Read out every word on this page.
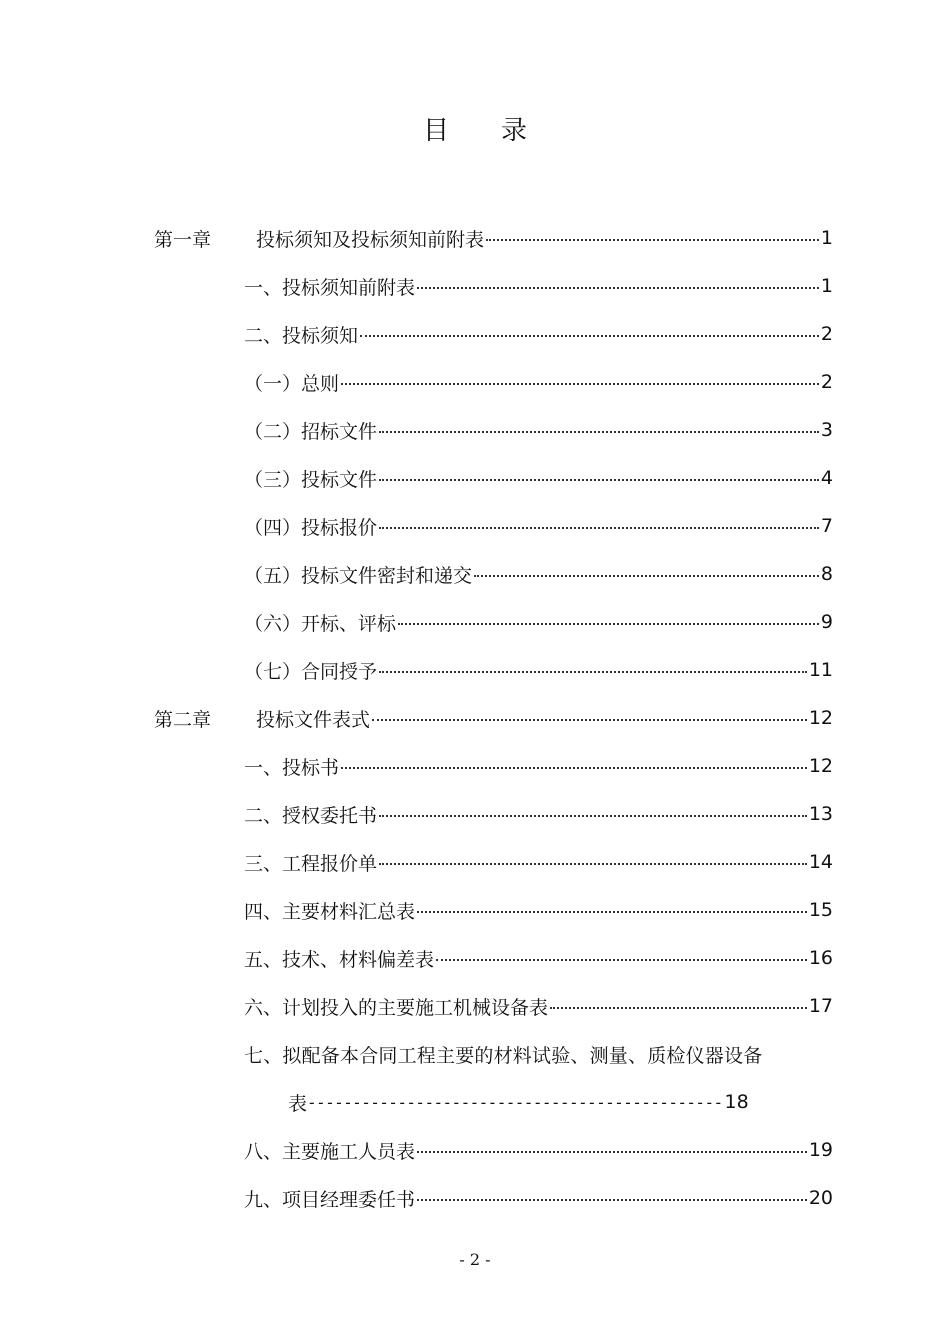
目录
第一章	投标须知及投标须知前附表	1
一、投标须知前附表	1
二、投标须知	2
（一）总则	2
（二）招标文件	3
（三）投标文件	4
（四）投标报价	7
（五）投标文件密封和递交	8
（六）开标、评标	9
（七）合同授予	11
第二章	投标文件表式	12
一、投标书	12
二、授权委托书	13
三、工程报价单	14
四、主要材料汇总表	15
五、技术、材料偏差表	16
六、计划投入的主要施工机械设备表	17
七、拟配备本合同工程主要的材料试验、测量、质检仪器设备
表 ---------------------------------------------- 18
八、主要施工人员表	19
九、项目经理委任书	20
- 2 -
